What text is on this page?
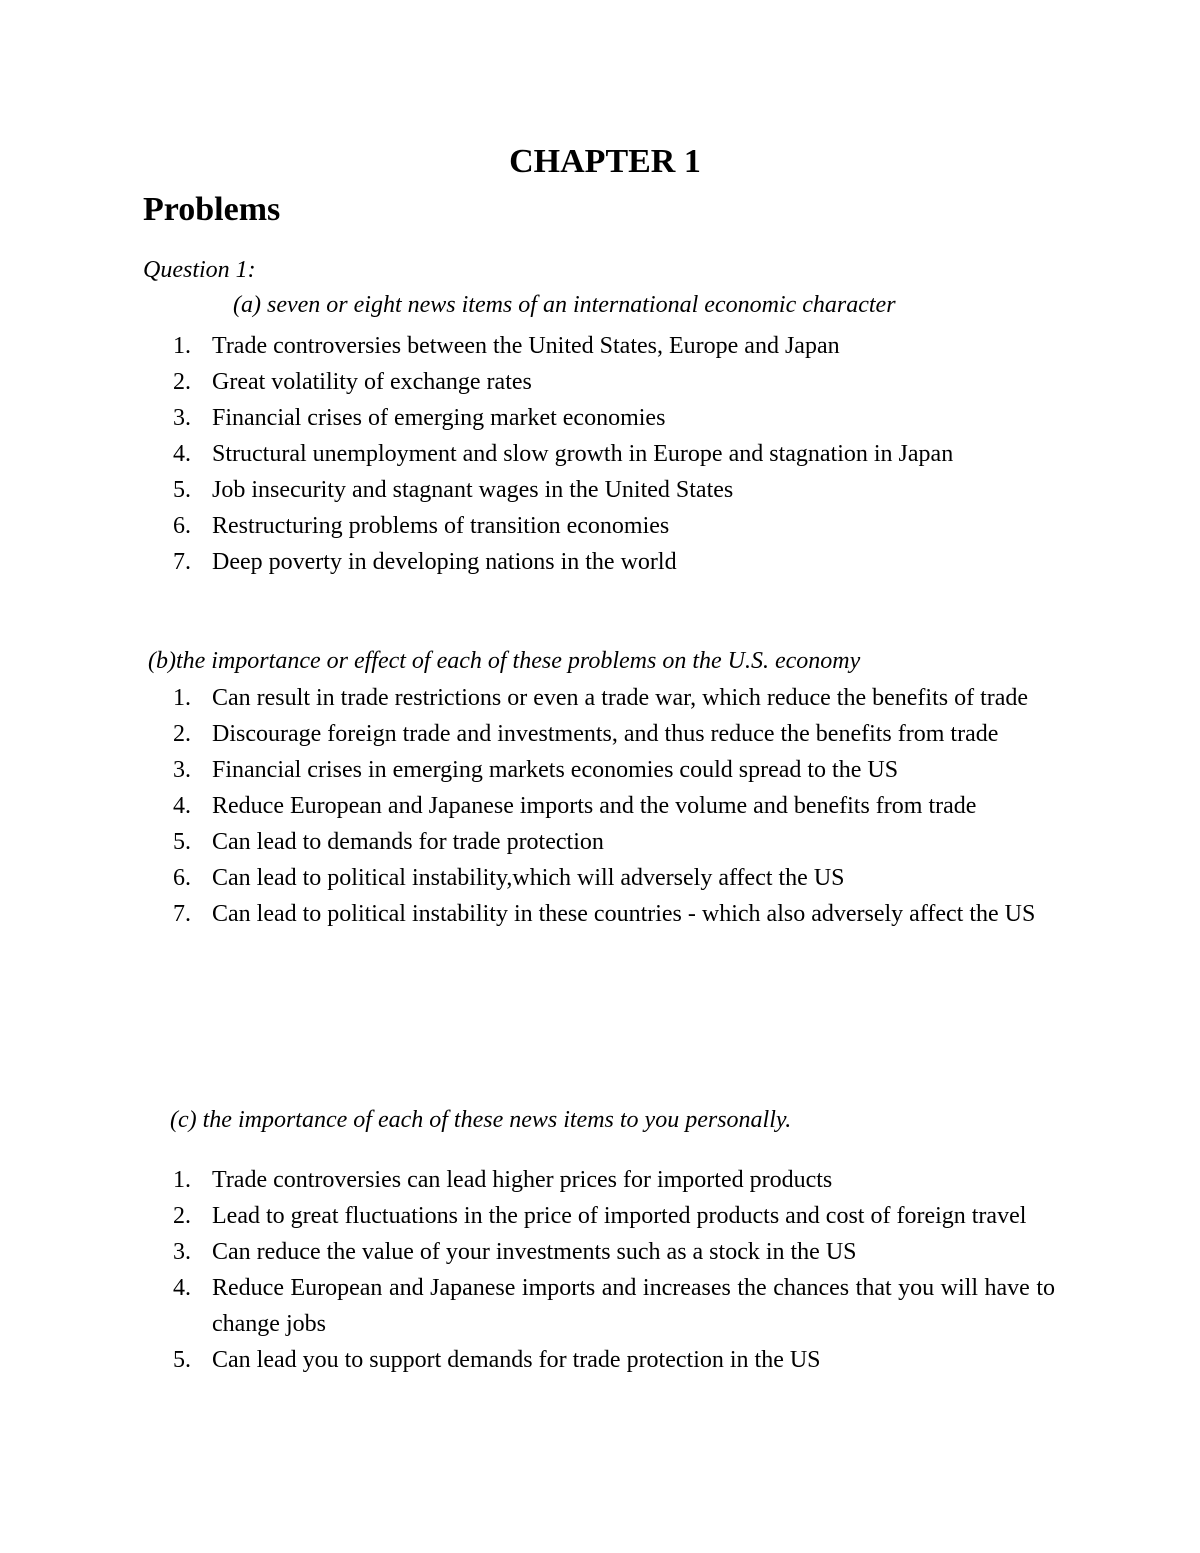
CHAPTER 1
Problems

Question 1:

(a) seven or eight news items of an international economic character

1. Trade controversies between the United States, Europe and Japan
2. Great volatility of exchange rates
3. Financial crises of emerging market economies
4. Structural unemployment and slow growth in Europe and stagnation in Japan
5. Job insecurity and stagnant wages in the United States
6. Restructuring problems of transition economies
7. Deep poverty in developing nations in the world

(b)the importance or effect of each of these problems on the U.S. economy

1. Can result in trade restrictions or even a trade war, which reduce the benefits of trade
2. Discourage foreign trade and investments, and thus reduce the benefits from trade
3. Financial crises in emerging markets economies could spread to the US
4. Reduce European and Japanese imports and the volume and benefits from trade
5. Can lead to demands for trade protection
6. Can lead to political instability,which will adversely affect the US
7. Can lead to political instability in these countries - which also adversely affect the US

(c) the importance of each of these news items to you personally.

1. Trade controversies can lead higher prices for imported products
2. Lead to great fluctuations in the price of imported products and cost of foreign travel
3. Can reduce the value of your investments such as a stock in the US
4. Reduce European and Japanese imports and increases the chances that you will have to change jobs
5. Can lead you to support demands for trade protection in the US
